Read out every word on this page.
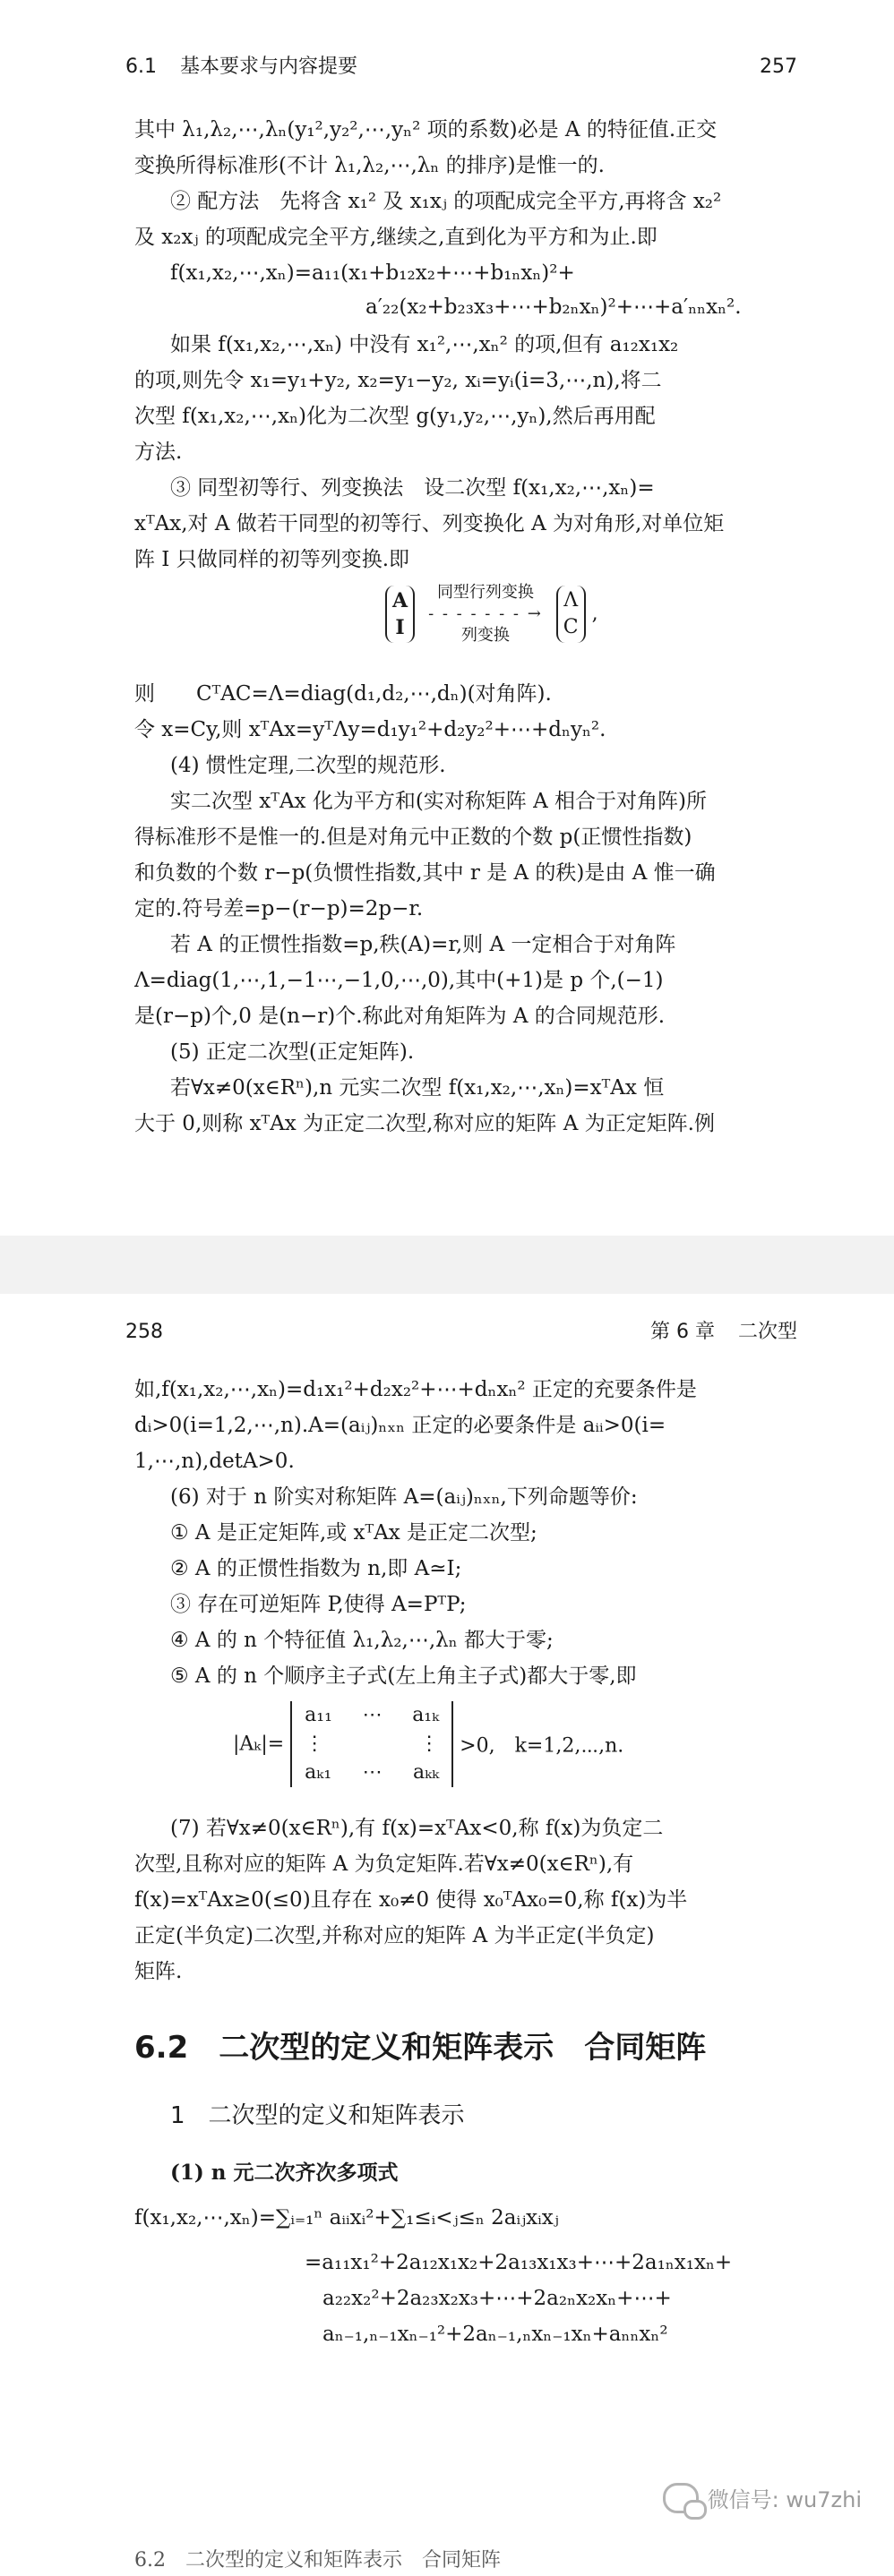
6.1 基本要求与内容提要	257
其中 λ₁,λ₂,⋯,λₙ(y₁²,y₂²,⋯,yₙ² 项的系数)必是 A 的特征值.正交
变换所得标准形(不计 λ₁,λ₂,⋯,λₙ 的排序)是惟一的.
② 配方法　先将含 x₁² 及 x₁xⱼ 的项配成完全平方,再将含 x₂²
及 x₂xⱼ 的项配成完全平方,继续之,直到化为平方和为止.即
f(x₁,x₂,⋯,xₙ)=a₁₁(x₁+b₁₂x₂+⋯+b₁ₙxₙ)²+
a′₂₂(x₂+b₂₃x₃+⋯+b₂ₙxₙ)²+⋯+a′ₙₙxₙ².
如果 f(x₁,x₂,⋯,xₙ) 中没有 x₁²,⋯,xₙ² 的项,但有 a₁₂x₁x₂
的项,则先令 x₁=y₁+y₂, x₂=y₁−y₂, xᵢ=yᵢ(i=3,⋯,n),将二
次型 f(x₁,x₂,⋯,xₙ)化为二次型 g(y₁,y₂,⋯,yₙ),然后再用配
方法.
③ 同型初等行、列变换法　设二次型 f(x₁,x₂,⋯,xₙ)=
xᵀAx,对 A 做若干同型的初等行、列变换化 A 为对角形,对单位矩
阵 I 只做同样的初等列变换.即
A
I

同型行列变换
- - - - - - - →
列变换

Λ
C
,
则　　CᵀAC=Λ=diag(d₁,d₂,⋯,dₙ)(对角阵).
令 x=Cy,则 xᵀAx=yᵀΛy=d₁y₁²+d₂y₂²+⋯+dₙyₙ².
(4) 惯性定理,二次型的规范形.
实二次型 xᵀAx 化为平方和(实对称矩阵 A 相合于对角阵)所
得标准形不是惟一的.但是对角元中正数的个数 p(正惯性指数)
和负数的个数 r−p(负惯性指数,其中 r 是 A 的秩)是由 A 惟一确
定的.符号差=p−(r−p)=2p−r.
若 A 的正惯性指数=p,秩(A)=r,则 A 一定相合于对角阵
Λ=diag(1,⋯,1,−1⋯,−1,0,⋯,0),其中(+1)是 p 个,(−1)
是(r−p)个,0 是(n−r)个.称此对角矩阵为 A 的合同规范形.
(5) 正定二次型(正定矩阵).
若∀x≠0(x∈Rⁿ),n 元实二次型 f(x₁,x₂,⋯,xₙ)=xᵀAx 恒
大于 0,则称 xᵀAx 为正定二次型,称对应的矩阵 A 为正定矩阵.例
258	第 6 章 二次型
如,f(x₁,x₂,⋯,xₙ)=d₁x₁²+d₂x₂²+⋯+dₙxₙ² 正定的充要条件是
dᵢ>0(i=1,2,⋯,n).A=(aᵢⱼ)ₙₓₙ 正定的必要条件是 aᵢᵢ>0(i=
1,⋯,n),detA>0.
(6) 对于 n 阶实对称矩阵 A=(aᵢⱼ)ₙₓₙ,下列命题等价:
① A 是正定矩阵,或 xᵀAx 是正定二次型;
② A 的正惯性指数为 n,即 A≃I;
③ 存在可逆矩阵 P,使得 A=PᵀP;
④ A 的 n 个特征值 λ₁,λ₂,⋯,λₙ 都大于零;
⑤ A 的 n 个顺序主子式(左上角主子式)都大于零,即
|Aₖ|=
a₁₁ ⋯ a₁ₖ
⋮	⋮
aₖ₁ ⋯ aₖₖ
>0,　k=1,2,⋯,n.
(7) 若∀x≠0(x∈Rⁿ),有 f(x)=xᵀAx<0,称 f(x)为负定二
次型,且称对应的矩阵 A 为负定矩阵.若∀x≠0(x∈Rⁿ),有
f(x)=xᵀAx≥0(≤0)且存在 x₀≠0 使得 x₀ᵀAx₀=0,称 f(x)为半
正定(半负定)二次型,并称对应的矩阵 A 为半正定(半负定)
矩阵.
6.2　二次型的定义和矩阵表示　合同矩阵
1　二次型的定义和矩阵表示
(1) n 元二次齐次多项式
f(x₁,x₂,⋯,xₙ)=∑ᵢ₌₁ⁿ aᵢᵢxᵢ²+∑₁≤ᵢ<ⱼ≤ₙ 2aᵢⱼxᵢxⱼ
=a₁₁x₁²+2a₁₂x₁x₂+2a₁₃x₁x₃+⋯+2a₁ₙx₁xₙ+
a₂₂x₂²+2a₂₃x₂x₃+⋯+2a₂ₙx₂xₙ+⋯+
aₙ₋₁,ₙ₋₁xₙ₋₁²+2aₙ₋₁,ₙxₙ₋₁xₙ+aₙₙxₙ²
微信号: wu7zhi
6.2　二次型的定义和矩阵表示　合同矩阵
